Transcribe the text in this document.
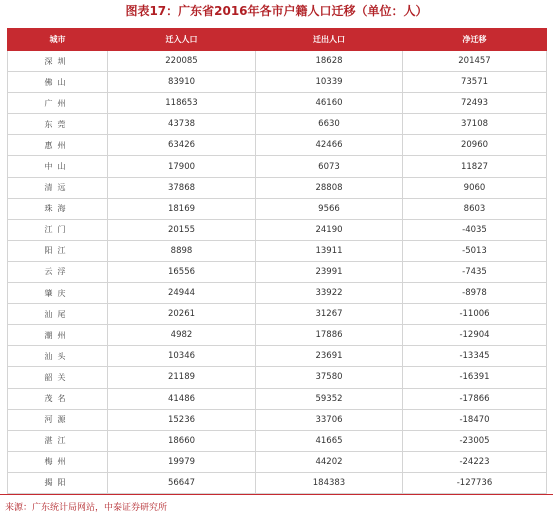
图表17：广东省2016年各市户籍人口迁移（单位：人）
城市	迁入人口	迁出人口	净迁移
深圳	220085	18628	201457
佛山	83910	10339	73571
广州	118653	46160	72493
东莞	43738	6630	37108
惠州	63426	42466	20960
中山	17900	6073	11827
清远	37868	28808	9060
珠海	18169	9566	8603
江门	20155	24190	-4035
阳江	8898	13911	-5013
云浮	16556	23991	-7435
肇庆	24944	33922	-8978
汕尾	20261	31267	-11006
潮州	4982	17886	-12904
汕头	10346	23691	-13345
韶关	21189	37580	-16391
茂名	41486	59352	-17866
河源	15236	33706	-18470
湛江	18660	41665	-23005
梅州	19979	44202	-24223
揭阳	56647	184383	-127736
来源：广东统计局网站，中泰证券研究所
